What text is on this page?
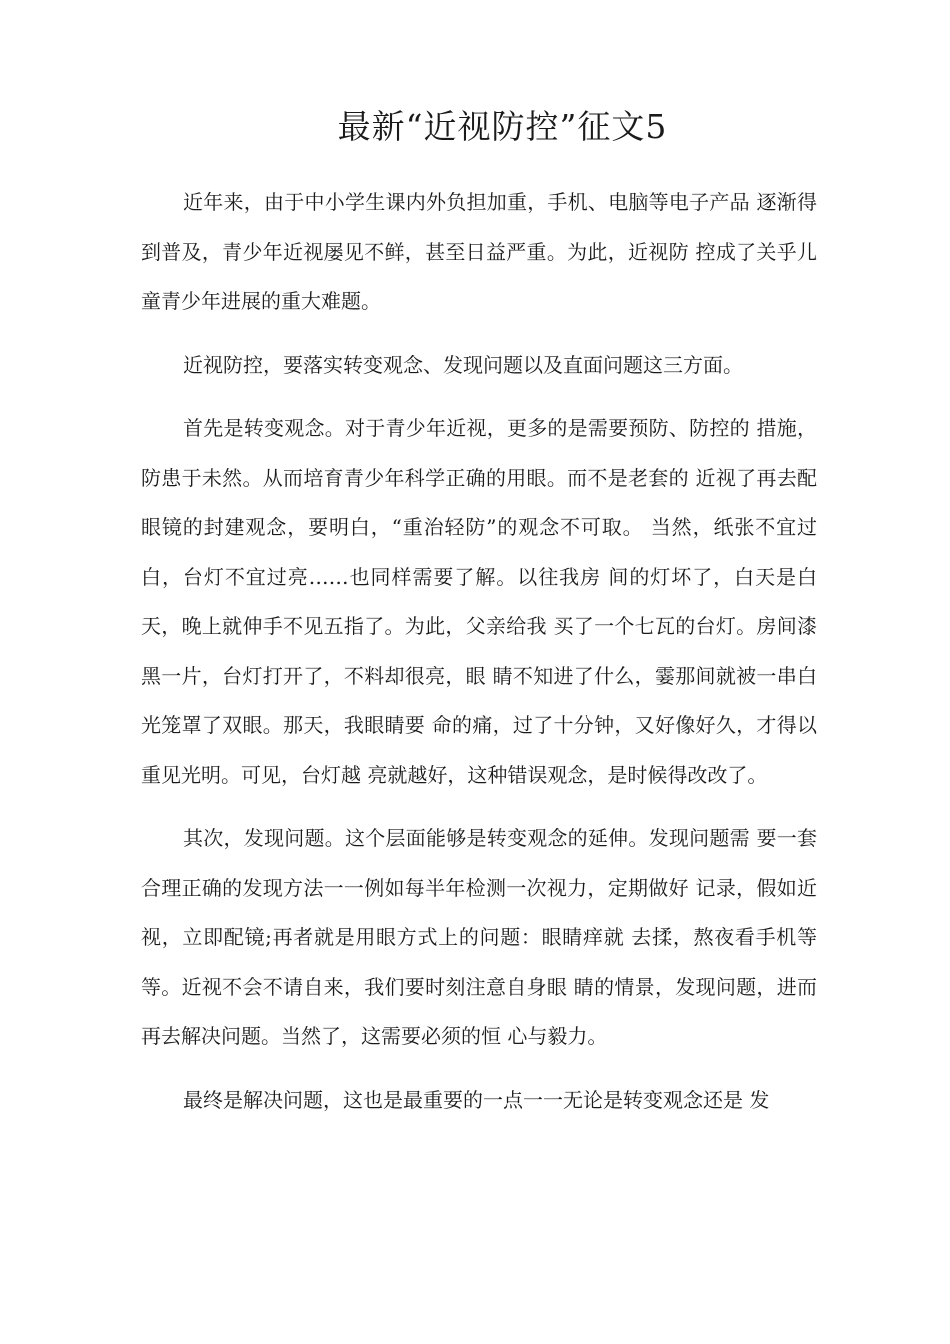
最新“近视防控”征文5

近年来，由于中小学生课内外负担加重，手机、电脑等电子产品 逐渐得到普及，青少年近视屡见不鲜，甚至日益严重。为此，近视防 控成了关乎儿童青少年进展的重大难题。

近视防控，要落实转变观念、发现问题以及直面问题这三方面。

首先是转变观念。对于青少年近视，更多的是需要预防、防控的 措施，防患于未然。从而培育青少年科学正确的用眼。而不是老套的 近视了再去配眼镜的封建观念，要明白，“重治轻防”的观念不可取。 当然，纸张不宜过白，台灯不宜过亮……也同样需要了解。以往我房 间的灯坏了，白天是白天，晚上就伸手不见五指了。为此，父亲给我 买了一个七瓦的台灯。房间漆黑一片，台灯打开了，不料却很亮，眼 睛不知进了什么，霎那间就被一串白光笼罩了双眼。那天，我眼睛要 命的痛，过了十分钟，又好像好久，才得以重见光明。可见，台灯越 亮就越好，这种错误观念，是时候得改改了。

其次，发现问题。这个层面能够是转变观念的延伸。发现问题需 要一套合理正确的发现方法一一例如每半年检测一次视力，定期做好 记录，假如近视，立即配镜;再者就是用眼方式上的问题：眼睛痒就 去揉，熬夜看手机等等。近视不会不请自来，我们要时刻注意自身眼 睛的情景，发现问题，进而再去解决问题。当然了，这需要必须的恒 心与毅力。

最终是解决问题，这也是最重要的一点一一无论是转变观念还是 发
